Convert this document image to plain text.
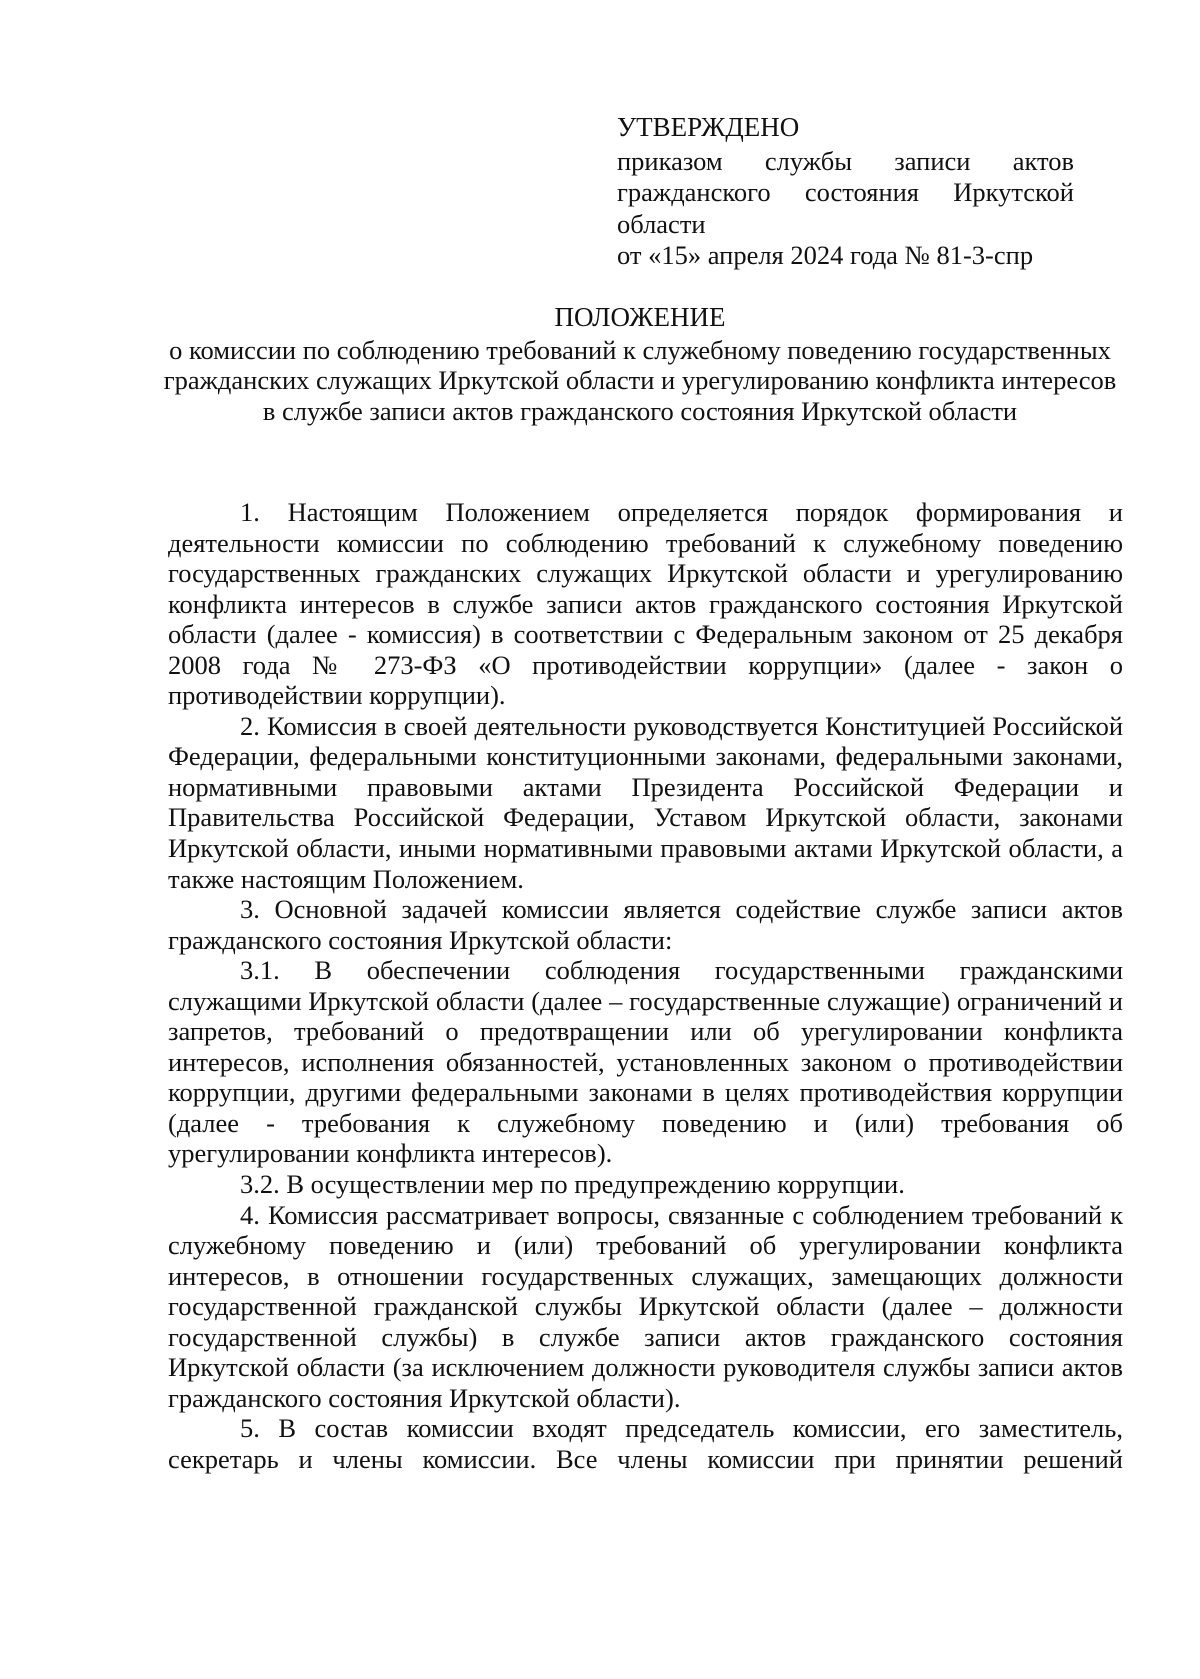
УТВЕРЖДЕНО
приказом службы записи актов гражданского состояния Иркутской области
от «15» апреля 2024 года № 81-3-спр
ПОЛОЖЕНИЕ
о комиссии по соблюдению требований к служебному поведению государственных гражданских служащих Иркутской области и урегулированию конфликта интересов в службе записи актов гражданского состояния Иркутской области

1. Настоящим Положением определяется порядок формирования и деятельности комиссии по соблюдению требований к служебному поведению государственных гражданских служащих Иркутской области и урегулированию конфликта интересов в службе записи актов гражданского состояния Иркутской области (далее - комиссия) в соответствии с Федеральным законом от 25 декабря 2008 года № 273-ФЗ «О противодействии коррупции» (далее - закон о противодействии коррупции).

2. Комиссия в своей деятельности руководствуется Конституцией Российской Федерации, федеральными конституционными законами, федеральными законами, нормативными правовыми актами Президента Российской Федерации и Правительства Российской Федерации, Уставом Иркутской области, законами Иркутской области, иными нормативными правовыми актами Иркутской области, а также настоящим Положением.

3. Основной задачей комиссии является содействие службе записи актов гражданского состояния Иркутской области:

3.1. В обеспечении соблюдения государственными гражданскими служащими Иркутской области (далее – государственные служащие) ограничений и запретов, требований о предотвращении или об урегулировании конфликта интересов, исполнения обязанностей, установленных законом о противодействии коррупции, другими федеральными законами в целях противодействия коррупции (далее - требования к служебному поведению и (или) требования об урегулировании конфликта интересов).

3.2. В осуществлении мер по предупреждению коррупции.

4. Комиссия рассматривает вопросы, связанные с соблюдением требований к служебному поведению и (или) требований об урегулировании конфликта интересов, в отношении государственных служащих, замещающих должности государственной гражданской службы Иркутской области (далее – должности государственной службы) в службе записи актов гражданского состояния Иркутской области (за исключением должности руководителя службы записи актов гражданского состояния Иркутской области).

5. В состав комиссии входят председатель комиссии, его заместитель, секретарь и члены комиссии. Все члены комиссии при принятии решений
